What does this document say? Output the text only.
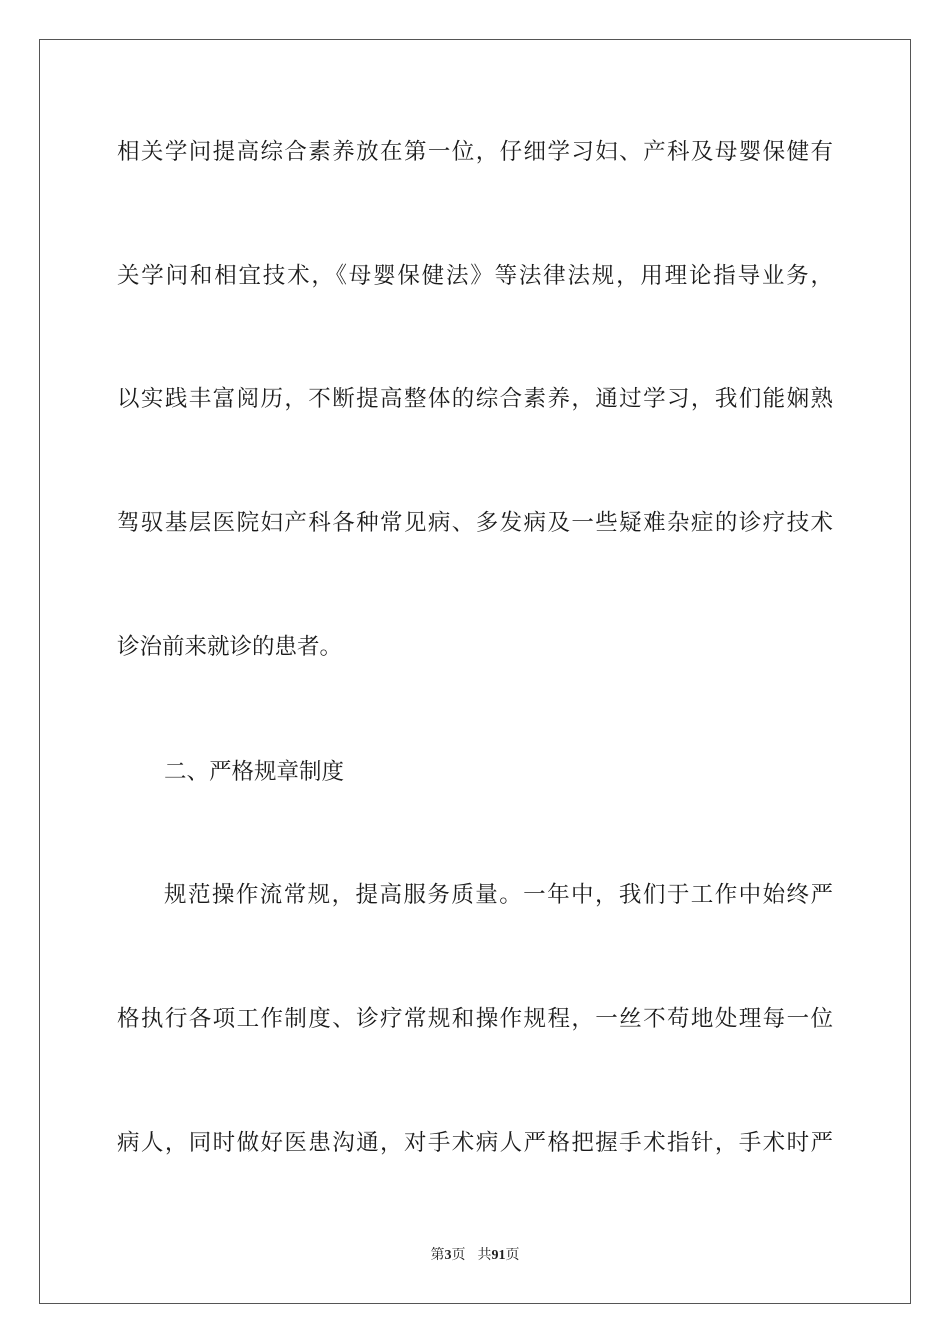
相关学问提高综合素养放在第一位，仔细学习妇、产科及母婴保健有
关学问和相宜技术，《母婴保健法》等法律法规，用理论指导业务，
以实践丰富阅历，不断提高整体的综合素养，通过学习，我们能娴熟
驾驭基层医院妇产科各种常见病、多发病及一些疑难杂症的诊疗技术
诊治前来就诊的患者。
二、严格规章制度
规范操作流常规，提高服务质量。一年中，我们于工作中始终严
格执行各项工作制度、诊疗常规和操作规程，一丝不苟地处理每一位
病人，同时做好医患沟通，对手术病人严格把握手术指针，手术时严
第3页 共91页
